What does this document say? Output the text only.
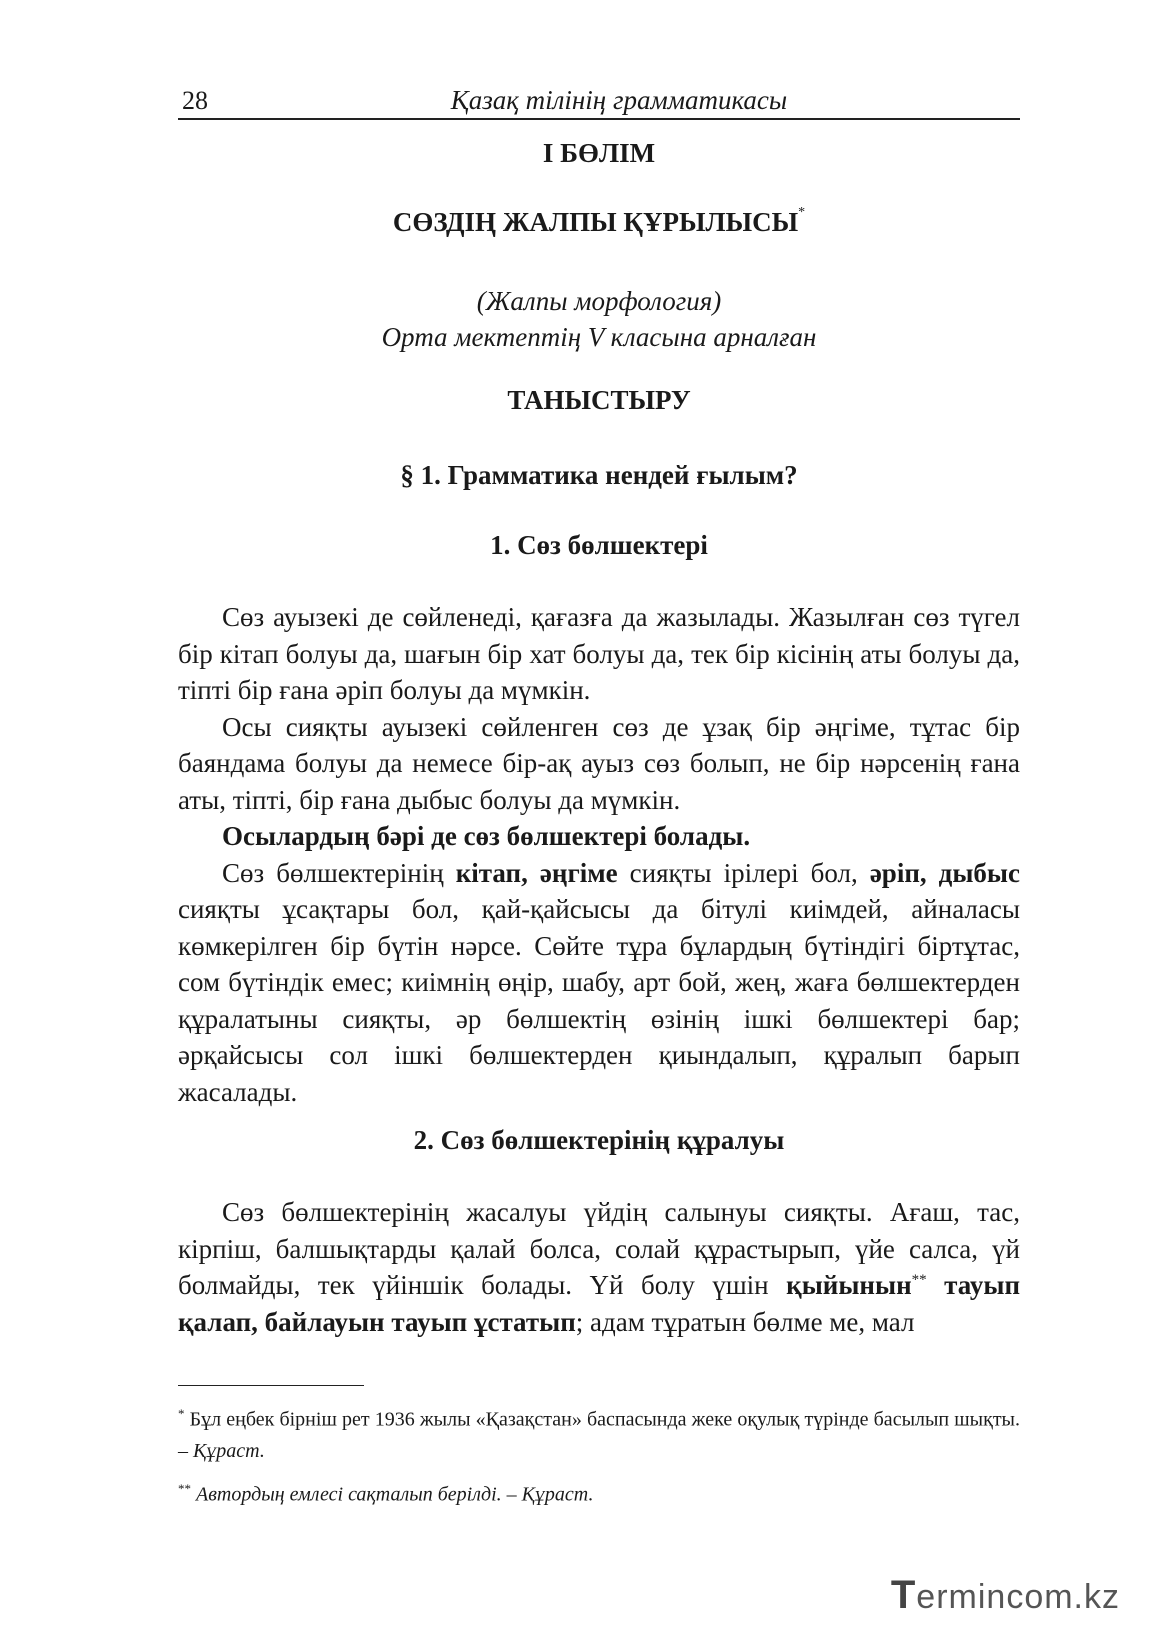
28	Қазақ тілінің грамматикасы
I БӨЛІМ
СӨЗДІҢ ЖАЛПЫ ҚҰРЫЛЫСЫ*
(Жалпы морфология)
Орта мектептің V класына арналған
ТАНЫСТЫРУ
§ 1. Грамматика нендей ғылым?
1. Сөз бөлшектері

Сөз ауызекі де сөйленеді, қағазға да жазылады. Жазылған сөз түгел бір кітап болуы да, шағын бір хат болуы да, тек бір кісінің аты болуы да, тіпті бір ғана әріп болуы да мүмкін.

Осы сияқты ауызекі сөйленген сөз де ұзақ бір әңгіме, тұтас бір баяндама болуы да немесе бір-ақ ауыз сөз болып, не бір нәрсенің ғана аты, тіпті, бір ғана дыбыс болуы да мүмкін.

Осылардың бәрі де сөз бөлшектері болады.

Сөз бөлшектерінің кітап, әңгіме сияқты ірілері бол, әріп, дыбыс сияқты ұсақтары бол, қай-қайсысы да бітулі киімдей, айналасы көмкерілген бір бүтін нәрсе. Сөйте тұра бұлардың бүтіндігі біртұтас, сом бүтіндік емес; киімнің өңір, шабу, арт бой, жең, жаға бөлшектерден құралатыны сияқты, әр бөлшектің өзінің ішкі бөлшектері бар; әрқайсысы сол ішкі бөлшектерден қиындалып, құралып барып жасалады.

2. Сөз бөлшектерінің құралуы

Сөз бөлшектерінің жасалуы үйдің салынуы сияқты. Ағаш, тас, кірпіш, балшықтарды қалай болса, солай құрастырып, үйе салса, үй болмайды, тек үйіншік болады. Үй болу үшін қыйынын** тауып қалап, байлауын тауып ұстатып; адам тұратын бөлме ме, мал

* Бұл еңбек бірніш рет 1936 жылы «Қазақстан» баспасында жеке оқулық түрінде басылып шықты. – Құраст.

** Автордың емлесі сақталып берілді. – Құраст.

Termincom.kz
